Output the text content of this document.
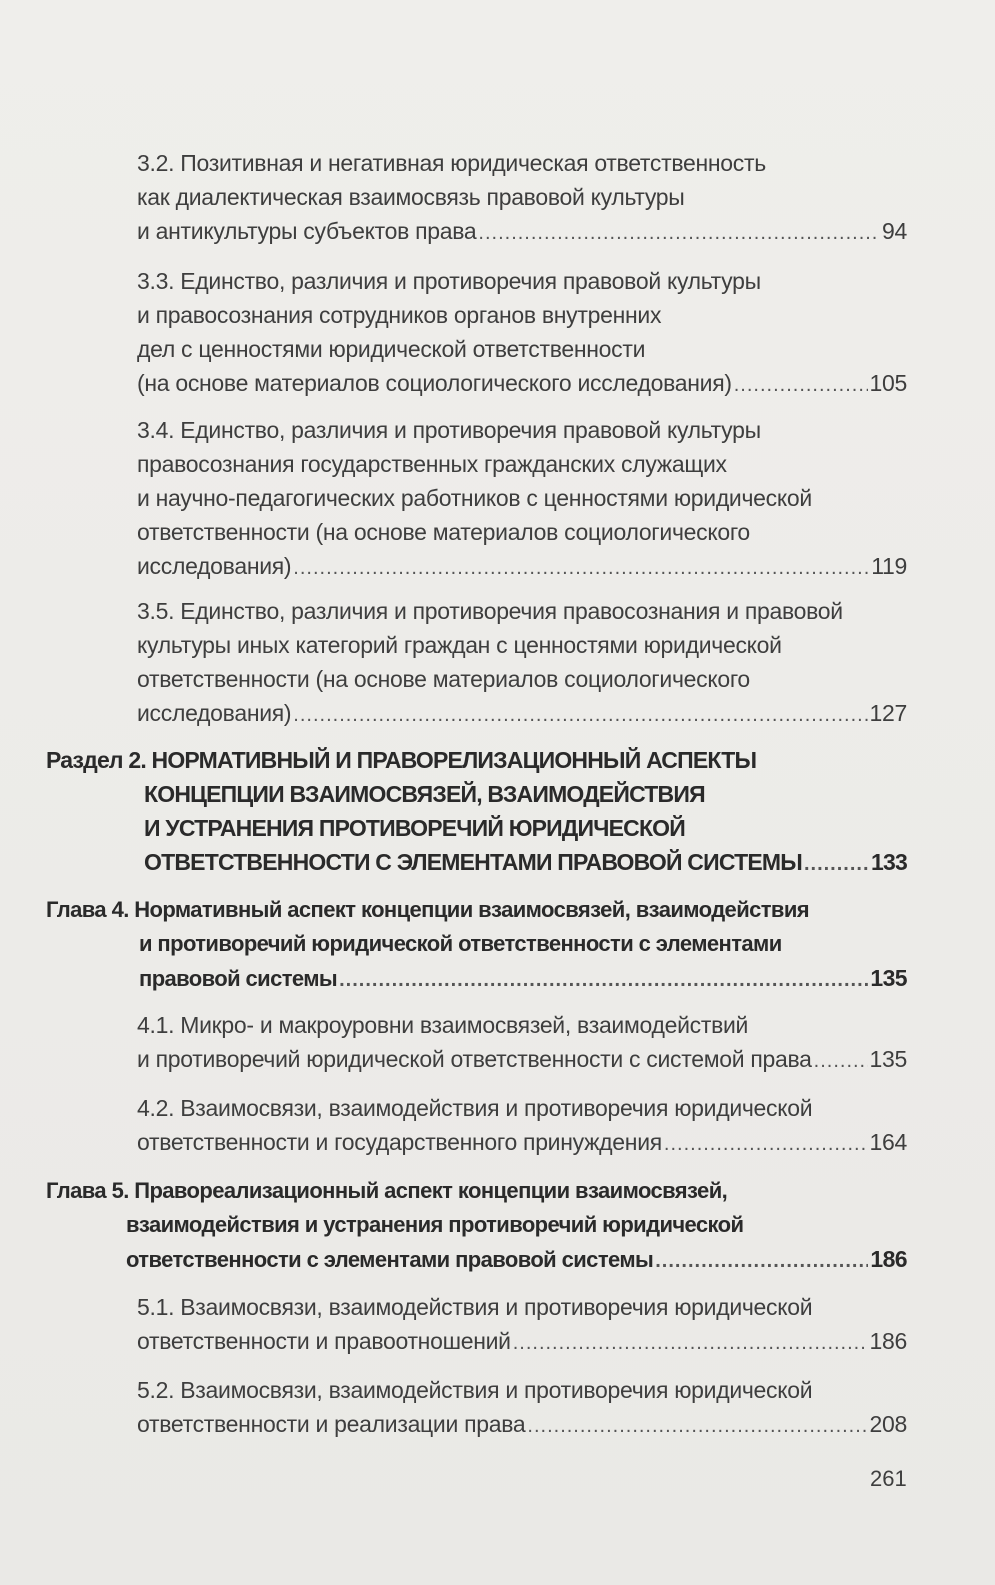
3.2. Позитивная и негативная юридическая ответственность
как диалектическая взаимосвязь правовой культуры
и антикультуры субъектов права .....	94
3.3. Единство, различия и противоречия правовой культуры
и правосознания сотрудников органов внутренних
дел с ценностями юридической ответственности
(на основе материалов социологического исследования) .....	105
3.4. Единство, различия и противоречия правовой культуры
правосознания государственных гражданских служащих
и научно-педагогических работников с ценностями юридической
ответственности (на основе материалов социологического
исследования) .....	119
3.5. Единство, различия и противоречия правосознания и правовой
культуры иных категорий граждан с ценностями юридической
ответственности (на основе материалов социологического
исследования) .....	127
Раздел 2. НОРМАТИВНЫЙ И ПРАВОРЕЛИЗАЦИОННЫЙ АСПЕКТЫ
КОНЦЕПЦИИ ВЗАИМОСВЯЗЕЙ, ВЗАИМОДЕЙСТВИЯ
И УСТРАНЕНИЯ ПРОТИВОРЕЧИЙ ЮРИДИЧЕСКОЙ
ОТВЕТСТВЕННОСТИ С ЭЛЕМЕНТАМИ ПРАВОВОЙ СИСТЕМЫ .....	133
Глава 4. Нормативный аспект концепции взаимосвязей, взаимодействия
и противоречий юридической ответственности с элементами
правовой системы .....	135
4.1. Микро- и макроуровни взаимосвязей, взаимодействий
и противоречий юридической ответственности с системой права .....	135
4.2. Взаимосвязи, взаимодействия и противоречия юридической
ответственности и государственного принуждения .....	164
Глава 5. Правореализационный аспект концепции взаимосвязей,
взаимодействия и устранения противоречий юридической
ответственности с элементами правовой системы .....	186
5.1. Взаимосвязи, взаимодействия и противоречия юридической
ответственности и правоотношений .....	186
5.2. Взаимосвязи, взаимодействия и противоречия юридической
ответственности и реализации права .....	208
261
